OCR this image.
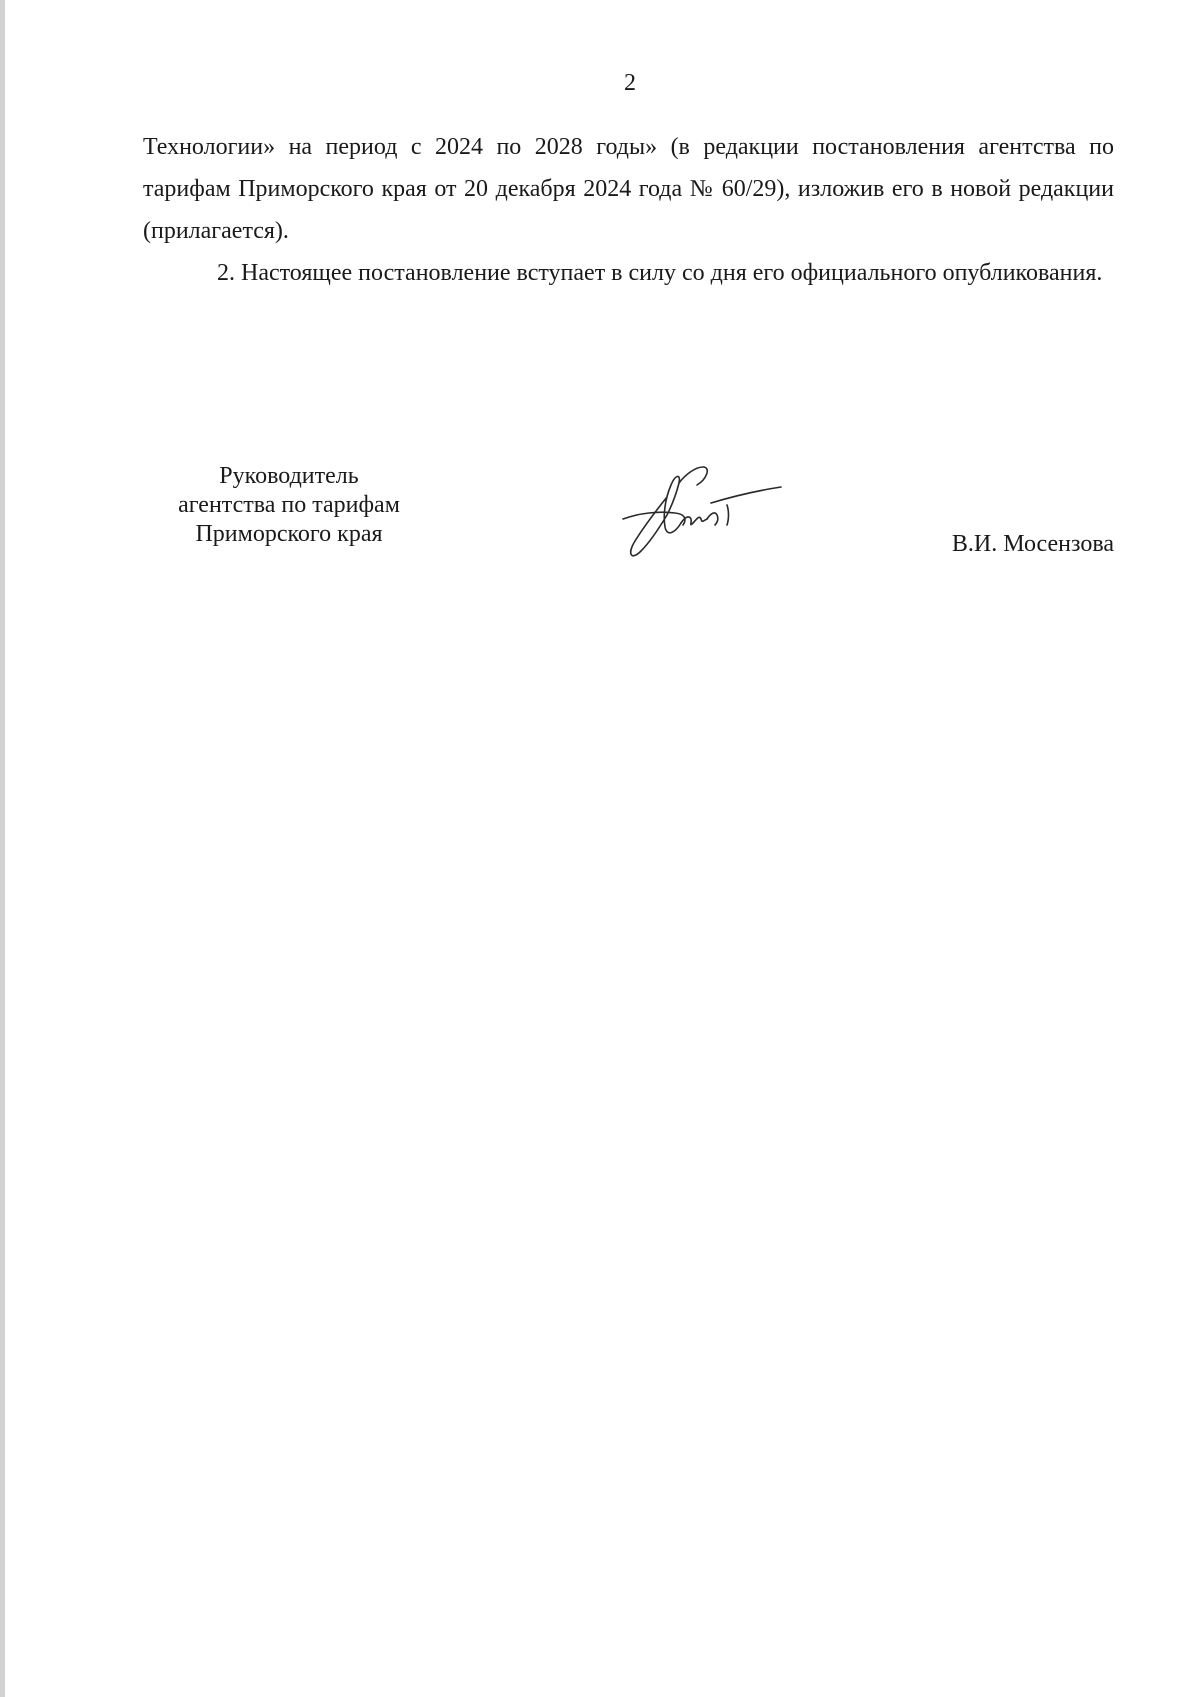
2

Технологии» на период с 2024 по 2028 годы» (в редакции постановления агентства по тарифам Приморского края от 20 декабря 2024 года № 60/29), изложив его в новой редакции (прилагается).

2. Настоящее постановление вступает в силу со дня его официального опубликования.

Руководитель
агентства по тарифам
Приморского края	В.И. Мосензова
